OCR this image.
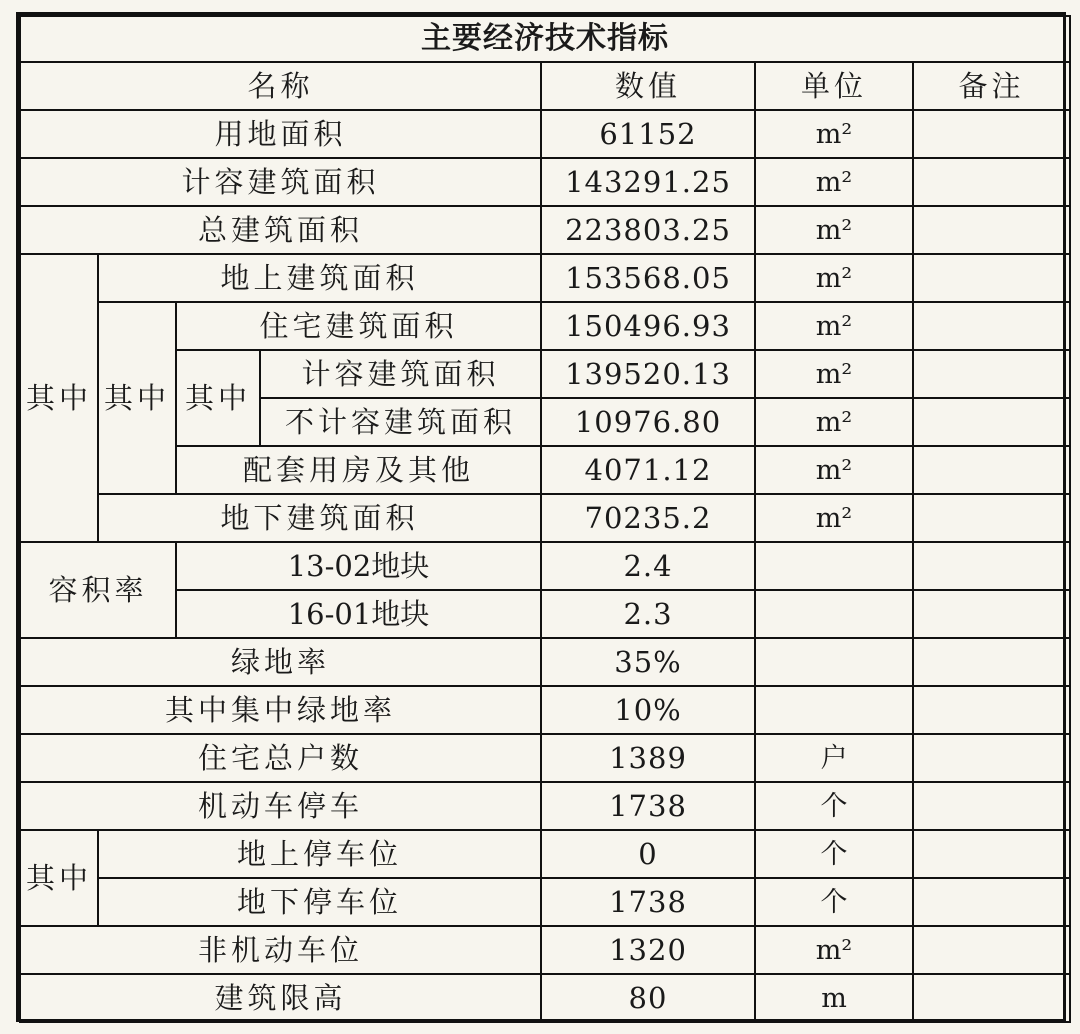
主要经济技术指标						
名称				数值	单位	备注
用地面积				61152	m²	
计容建筑面积				143291.25	m²	
总建筑面积				223803.25	m²	
其中	地上建筑面积			153568.05	m²	
	其中	住宅建筑面积		150496.93	m²	
		其中	计容建筑面积	139520.13	m²	
			不计容建筑面积	10976.80	m²	
		配套用房及其他		4071.12	m²	
	地下建筑面积			70235.2	m²	
容积率		13-02地块		2.4		
		16-01地块		2.3		
绿地率				35%		
其中集中绿地率				10%		
住宅总户数				1389	户	
机动车停车				1738	个	
其中	地上停车位			0	个	
	地下停车位			1738	个	
非机动车位				1320	m²	
建筑限高				80	m	
